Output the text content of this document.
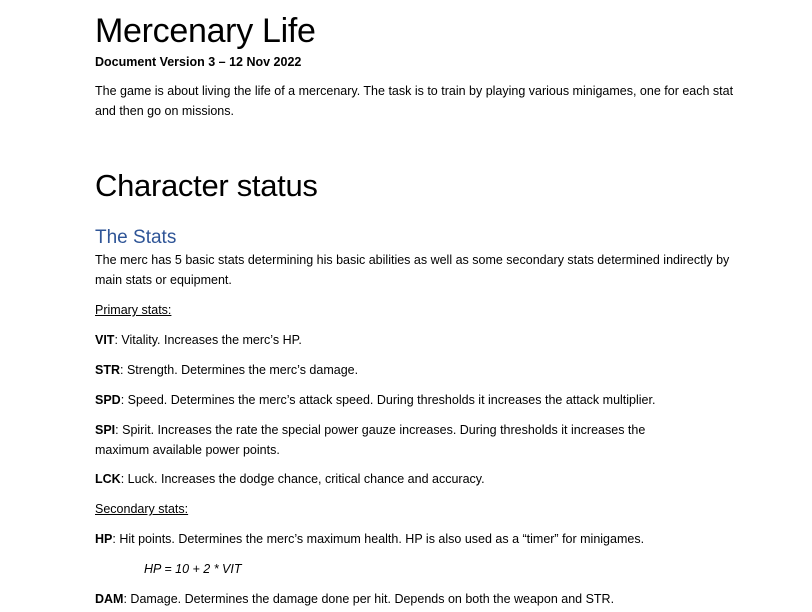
Mercenary Life
Document Version 3 – 12 Nov 2022

The game is about living the life of a mercenary. The task is to train by playing various minigames, one for each stat and then go on missions.

Character status
The Stats

The merc has 5 basic stats determining his basic abilities as well as some secondary stats determined indirectly by main stats or equipment.

Primary stats:

VIT: Vitality. Increases the merc’s HP.

STR: Strength. Determines the merc’s damage.

SPD: Speed. Determines the merc’s attack speed. During thresholds it increases the attack multiplier.

SPI: Spirit. Increases the rate the special power gauze increases. During thresholds it increases the maximum available power points.

LCK: Luck. Increases the dodge chance, critical chance and accuracy.

Secondary stats:

HP: Hit points. Determines the merc’s maximum health. HP is also used as a “timer” for minigames.

HP = 10 + 2 * VIT

DAM: Damage. Determines the damage done per hit. Depends on both the weapon and STR.
